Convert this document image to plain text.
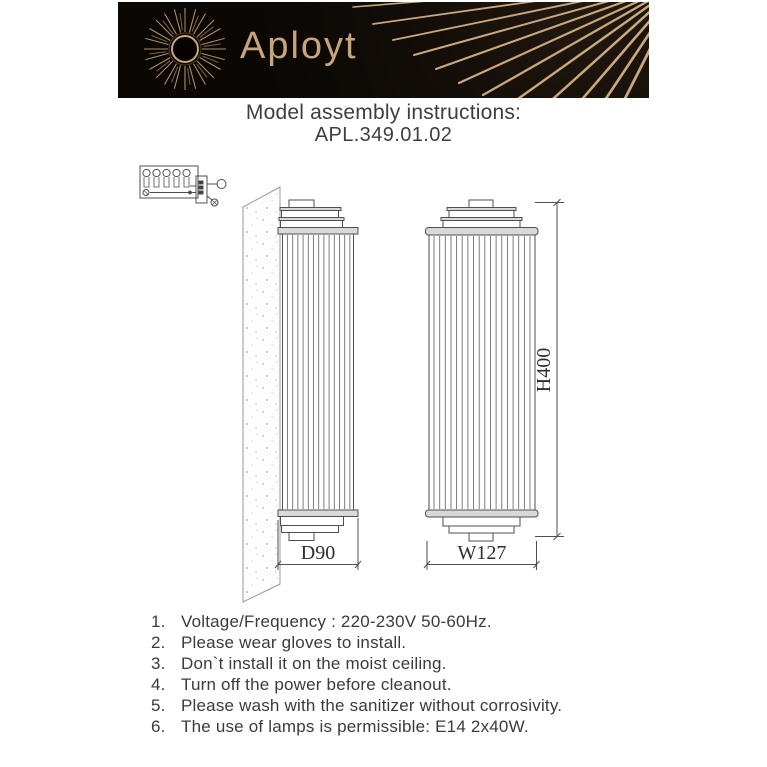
Aployt
Model assembly instructions:
APL.349.01.02
D90	W127
H400
1. Voltage/Frequency : 220-230V 50-60Hz.
2. Please wear gloves to install.
3. Don`t install it on the moist ceiling.
4. Turn off the power before cleanout.
5. Please wash with the sanitizer without corrosivity.
6. The use of lamps is permissible: E14 2x40W.
